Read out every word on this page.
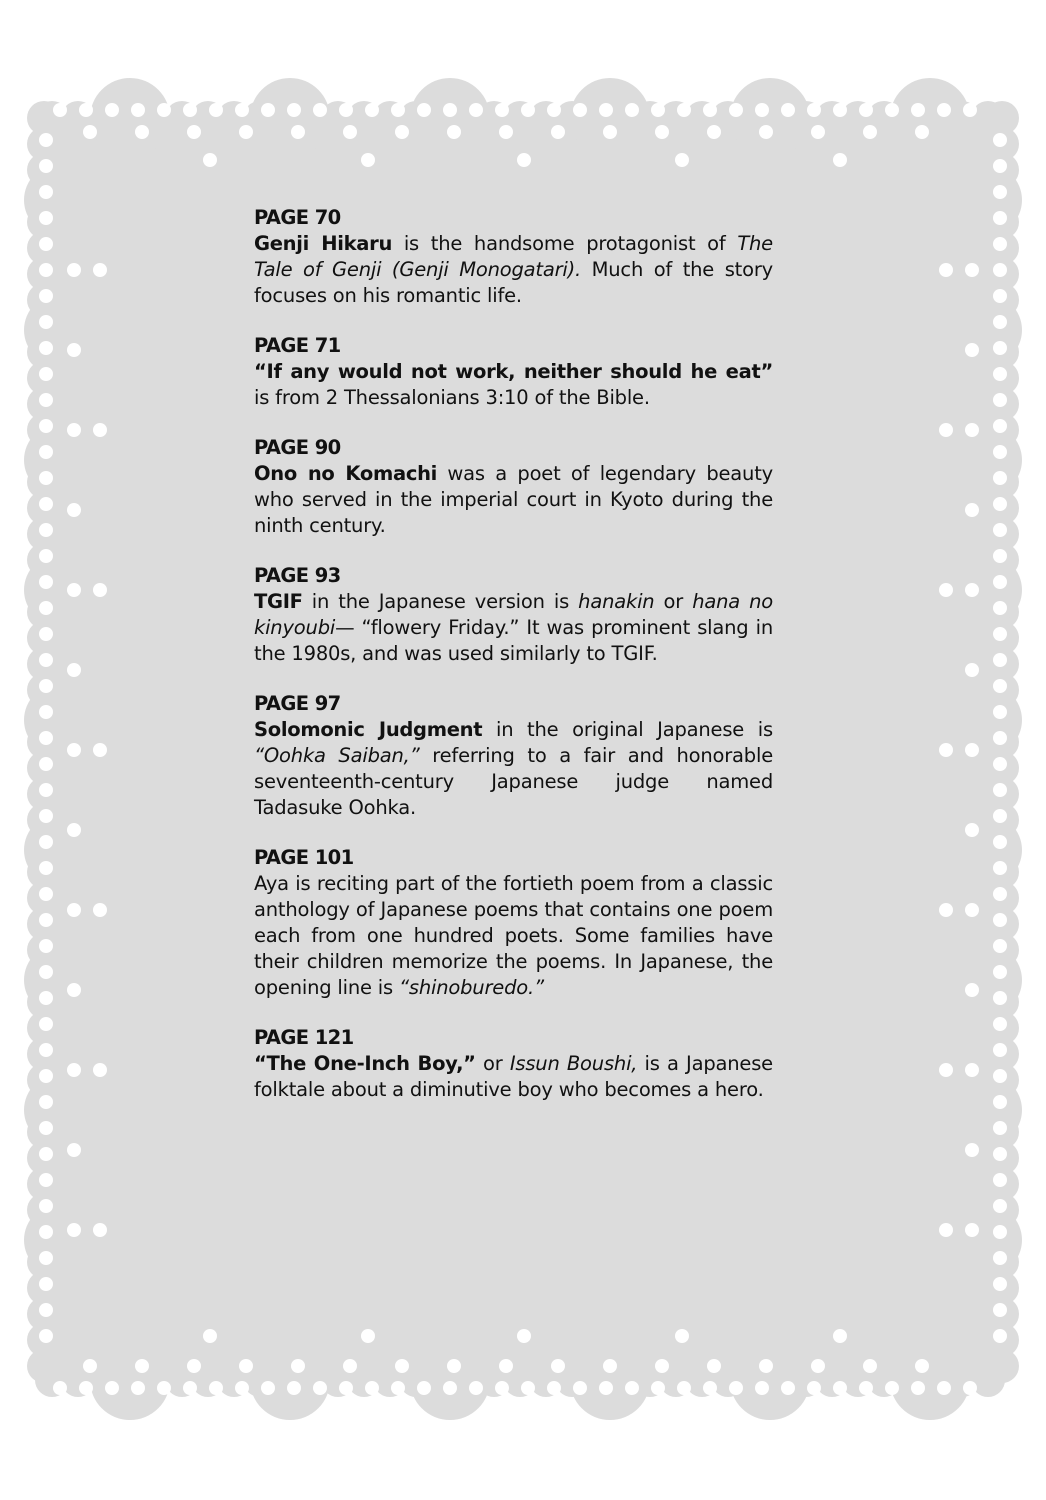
PAGE 70
Genji Hikaru is the handsome protagonist of The Tale of Genji (Genji Monogatari). Much of the story focuses on his romantic life.
PAGE 71
“If any would not work, neither should he eat” is from 2 Thessalonians 3:10 of the Bible.
PAGE 90
Ono no Komachi was a poet of legendary beauty who served in the imperial court in Kyoto during the ninth century.
PAGE 93
TGIF in the Japanese version is hanakin or hana no kinyoubi— “flowery Friday.” It was prominent slang in the 1980s, and was used similarly to TGIF.
PAGE 97
Solomonic Judgment in the original Japanese is “Oohka Saiban,” referring to a fair and honorable seventeenth-century Japanese judge named Tadasuke Oohka.
PAGE 101
Aya is reciting part of the fortieth poem from a classic anthology of Japanese poems that contains one poem each from one hundred poets. Some families have their children memorize the poems. In Japanese, the opening line is “shinoburedo.”
PAGE 121
“The One-Inch Boy,” or Issun Boushi, is a Japanese folktale about a diminutive boy who becomes a hero.
